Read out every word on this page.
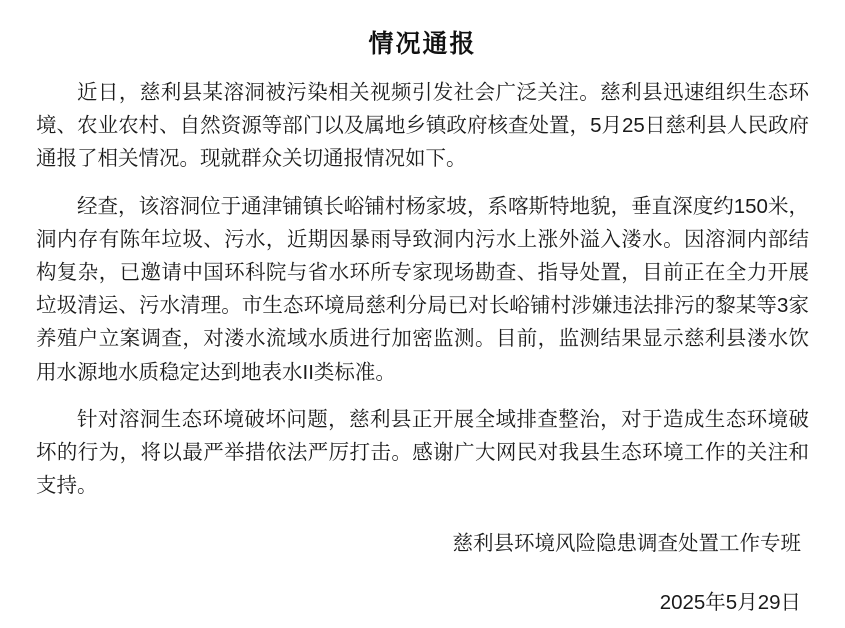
情况通报

近日，慈利县某溶洞被污染相关视频引发社会广泛关注。慈利县迅速组织生态环境、农业农村、自然资源等部门以及属地乡镇政府核查处置，5月25日慈利县人民政府通报了相关情况。现就群众关切通报情况如下。

经查，该溶洞位于通津铺镇长峪铺村杨家坡，系喀斯特地貌，垂直深度约150米，洞内存有陈年垃圾、污水，近期因暴雨导致洞内污水上涨外溢入溇水。因溶洞内部结构复杂，已邀请中国环科院与省水环所专家现场勘查、指导处置，目前正在全力开展垃圾清运、污水清理。市生态环境局慈利分局已对长峪铺村涉嫌违法排污的黎某等3家养殖户立案调查，对溇水流域水质进行加密监测。目前，监测结果显示慈利县溇水饮用水源地水质稳定达到地表水II类标准。

针对溶洞生态环境破坏问题，慈利县正开展全域排查整治，对于造成生态环境破坏的行为，将以最严举措依法严厉打击。感谢广大网民对我县生态环境工作的关注和支持。

慈利县环境风险隐患调查处置工作专班
2025年5月29日
